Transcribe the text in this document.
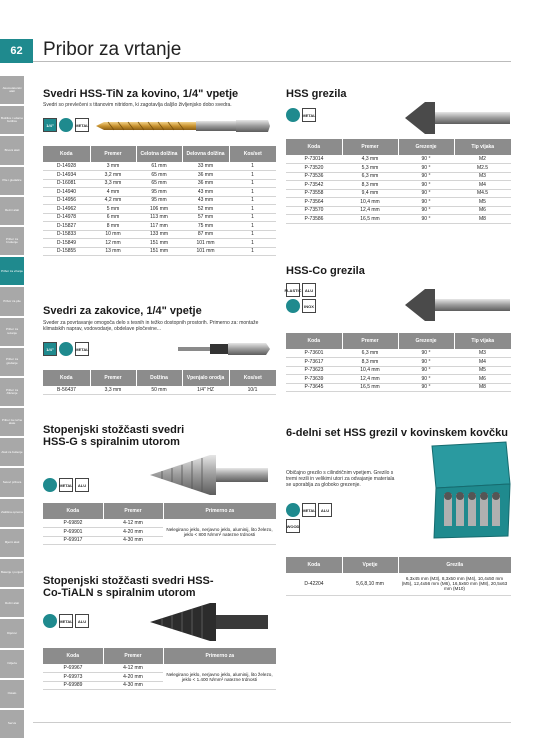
62	Pribor za vrtanje
Akumulatorski alati
Bušilice i udarne bušilice
Brusni alati
Pile i glodalice
Rezni alati
Pribor za brušenje
Pribor za vrtanje
Pribor za pile
Pribor za rezanje
Pribor za glodanje
Pribor za čišćenje
Pribor za ručne alate
Alati za bušenje
Setovi pribora
Zaštitna oprema
Mjerni alati
Baterije i punjači
Ručni alati
Dijelovi
Odjeća
Ostalo
Servis
Svedri HSS-TiN za kovino, 1/4" vpetje
Svedri so prevlečeni s titanovim nitridom, ki zagotavlja daljšo življenjsko dobo svedra.
1/4"	METAL
Koda	Premer	Celotna dolžina	Delovna dolžina	Kos/set
D-14928	3 mm	61 mm	33 mm	1
D-14934	3,2 mm	65 mm	36 mm	1
D-16081	3,3 mm	65 mm	36 mm	1
D-14940	4 mm	95 mm	43 mm	1
D-14956	4,2 mm	95 mm	43 mm	1
D-14962	5 mm	106 mm	52 mm	1
D-14978	6 mm	113 mm	57 mm	1
D-15827	8 mm	117 mm	75 mm	1
D-15833	10 mm	133 mm	87 mm	1
D-15849	12 mm	151 mm	101 mm	1
D-15855	13 mm	151 mm	101 mm	1
Svedri za zakovice, 1/4" vpetje
Sveder za povrtavanje omogoča delo s tesnih in težko dostopnih prostorih. Primerno za: montaže klimatskih naprav, vodovodarje, obdelave pločevine...
1/4"	METAL
Koda	Premer	Dolžina	Vpenjalo orodja	Kos/set
B-56437	3,3 mm	50 mm	1/4" HZ	10/1
Stopenjski stožčasti svedri
HSS-G s spiralnim utorom
METAL	ALU
Koda	Premer	Primerno za
P-69892	4-12 mm	Nelegirano jeklo, nerjavno jeklo, aluminij, litо železo, jeklo < 800 N/mm² natezne trdnosti
P-69901	4-20 mm	
P-69917	4-30 mm	
Stopenjski stožčasti svedri HSS-
Co-TiALN s spiralnim utorom
METAL	ALU
Koda	Premer	Primerno za
P-69967	4-12 mm	Nelegirano jeklo, nerjavno jeklo, aluminij, litо železo, jeklo < 1.400 N/mm² natezne trdnosti
P-69973	4-20 mm	
P-69989	4-30 mm	
HSS grezila
METAL
Koda	Premer	Grezenje	Tip vijaka
P-73014	4,3 mm	90 °	M2
P-73520	5,3 mm	90 °	M2.5
P-73536	6,3 mm	90 °	M3
P-73542	8,3 mm	90 °	M4
P-73558	9,4 mm	90 °	M4.5
P-73564	10,4 mm	90 °	M5
P-73570	12,4 mm	90 °	M6
P-73586	16,5 mm	90 °	M8
HSS-Co grezila
PLASTIC ALU
INOX
Koda	Premer	Grezenje	Tip vijaka
P-73601	6,3 mm	90 °	M3
P-73617	8,3 mm	90 °	M4
P-73623	10,4 mm	90 °	M5
P-73639	12,4 mm	90 °	M6
P-73645	16,5 mm	90 °	M8
6-delni set HSS grezil v kovinskem kovčku
Običajno grezilo s cilindričnim vpetjem. Grezilo s tremi rezili in velikimi utori za odvajanje materiala se uporablja za globoko grezenje.
METAL	ALU
WOOD
Koda	Vpetje	Grezila
D-42204	5,6,8,10 mm	6,3x45 mm (M3), 8,3x50 mm (M4), 10,4x50 mm (M5), 12,4x56 mm (M6), 16,5x60 mm (M8), 20,5x63 mm (M10)
